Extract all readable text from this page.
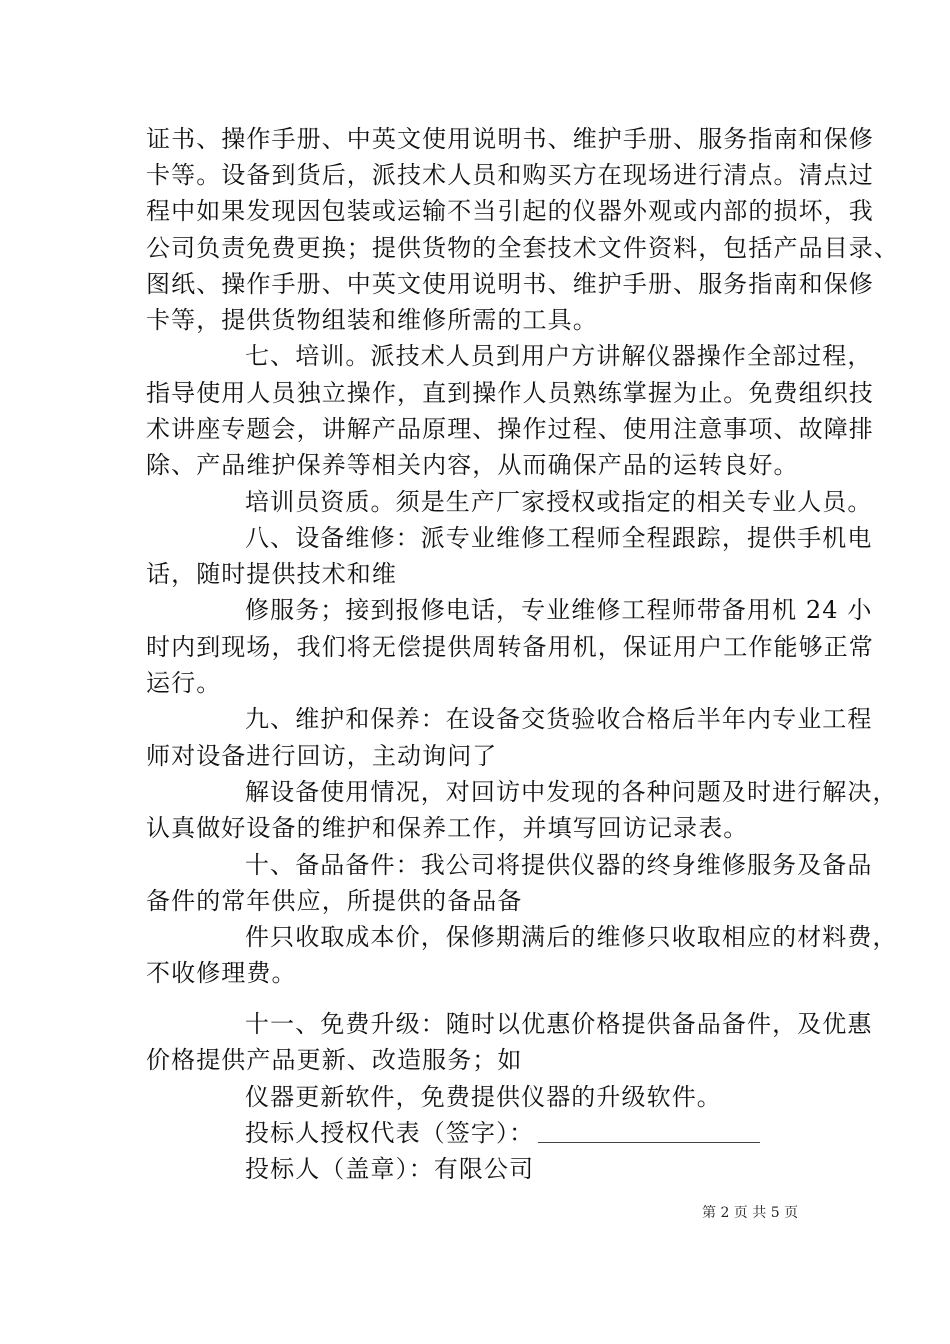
证书、操作手册、中英文使用说明书、维护手册、服务指南和保修
卡等。设备到货后，派技术人员和购买方在现场进行清点。清点过
程中如果发现因包装或运输不当引起的仪器外观或内部的损坏，我
公司负责免费更换；提供货物的全套技术文件资料，包括产品目录、
图纸、操作手册、中英文使用说明书、维护手册、服务指南和保修
卡等，提供货物组装和维修所需的工具。
七、培训。派技术人员到用户方讲解仪器操作全部过程，
指导使用人员独立操作，直到操作人员熟练掌握为止。免费组织技
术讲座专题会，讲解产品原理、操作过程、使用注意事项、故障排
除、产品维护保养等相关内容，从而确保产品的运转良好。
培训员资质。须是生产厂家授权或指定的相关专业人员。
八、设备维修：派专业维修工程师全程跟踪，提供手机电
话，随时提供技术和维
修服务；接到报修电话，专业维修工程师带备用机 24 小
时内到现场，我们将无偿提供周转备用机，保证用户工作能够正常
运行。
九、维护和保养：在设备交货验收合格后半年内专业工程
师对设备进行回访，主动询问了
解设备使用情况，对回访中发现的各种问题及时进行解决，
认真做好设备的维护和保养工作，并填写回访记录表。
十、备品备件：我公司将提供仪器的终身维修服务及备品
备件的常年供应，所提供的备品备
件只收取成本价，保修期满后的维修只收取相应的材料费，
不收修理费。
十一、免费升级：随时以优惠价格提供备品备件，及优惠
价格提供产品更新、改造服务；如
仪器更新软件，免费提供仪器的升级软件。
投标人授权代表（签字）：
投标人（盖章）：有限公司
第 2 页 共 5 页
